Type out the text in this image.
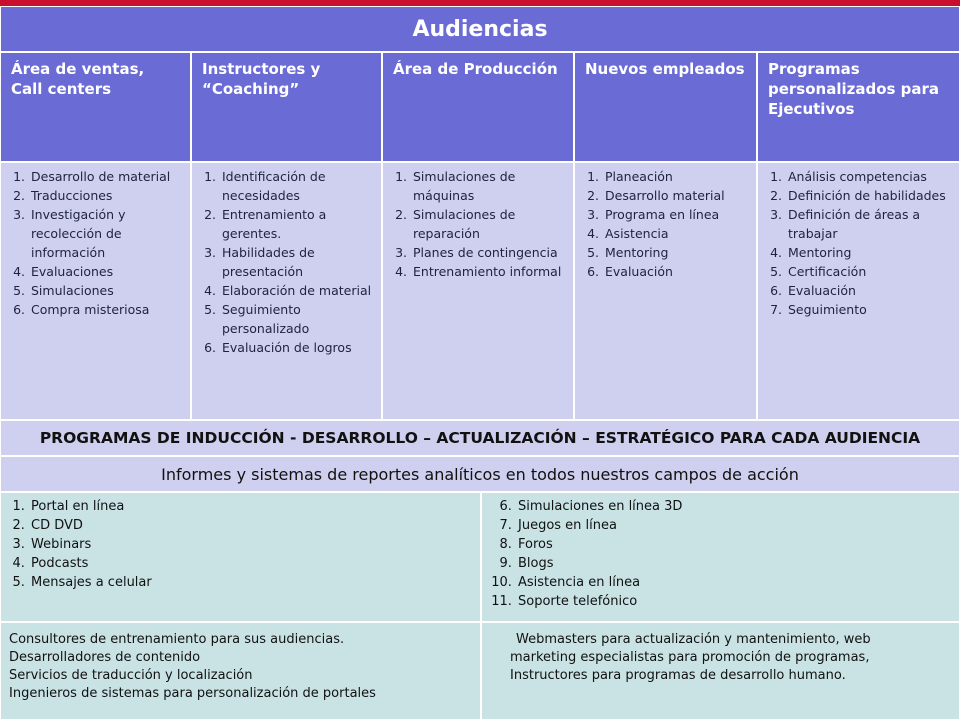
Audiencias
Área de ventas, Call centers
Instructores y “Coaching”
Área de Producción	Nuevos empleados	Programas personalizados para Ejecutivos
1. Desarrollo de material
2. Traducciones
3. Investigación y recolección de información
4. Evaluaciones
5. Simulaciones
6. Compra misteriosa
1. Identificación de necesidades
2. Entrenamiento a gerentes.
3. Habilidades de presentación
4. Elaboración de material
5. Seguimiento personalizado
6. Evaluación de logros
1. Simulaciones de máquinas
2. Simulaciones de reparación
3. Planes de contingencia
4. Entrenamiento informal
1. Planeación
2. Desarrollo material
3. Programa en línea
4. Asistencia
5. Mentoring
6. Evaluación
1. Análisis competencias
2. Definición de habilidades
3. Definición de áreas a trabajar
4. Mentoring
5. Certificación
6. Evaluación
7. Seguimiento
PROGRAMAS DE INDUCCIÓN - DESARROLLO – ACTUALIZACIÓN – ESTRATÉGICO PARA CADA AUDIENCIA
Informes y sistemas de reportes analíticos en todos nuestros campos de acción
1. Portal en línea
2. CD DVD
3. Webinars
4. Podcasts
5. Mensajes a celular
6. Simulaciones en línea 3D
7. Juegos en línea
8. Foros
9. Blogs
10. Asistencia en línea
11. Soporte telefónico
Consultores de entrenamiento para sus audiencias.
Desarrolladores de contenido
Servicios de traducción y localización
Ingenieros de sistemas para personalización de portales
Webmasters para actualización y mantenimiento, web
marketing especialistas para promoción de programas,
Instructores para programas de desarrollo humano.
